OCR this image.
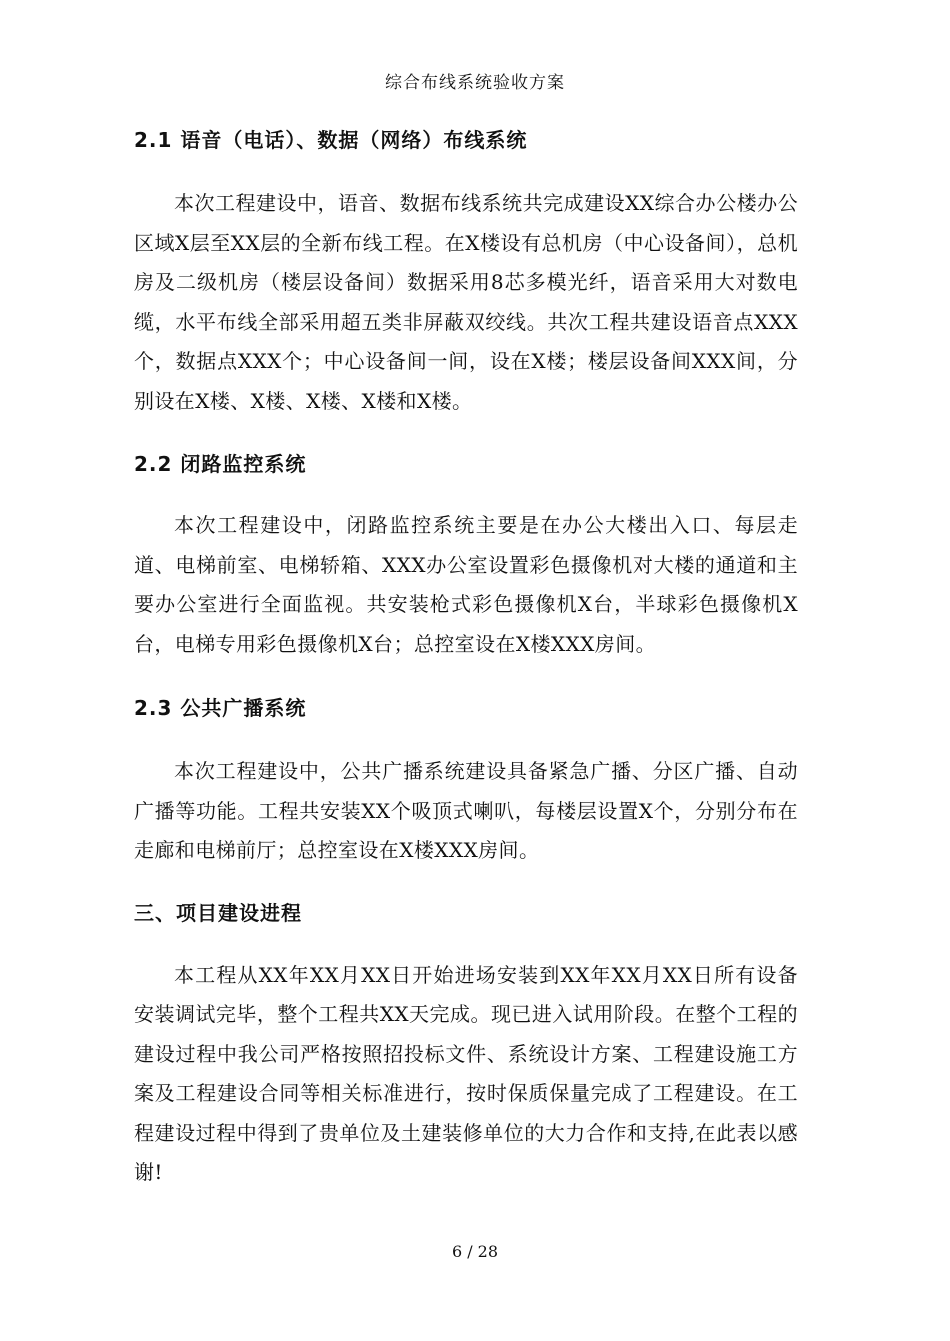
综合布线系统验收方案
2.1 语音（电话）、数据（网络）布线系统

本次工程建设中，语音、数据布线系统共完成建设XX综合办公楼办公区域X层至XX层的全新布线工程。在X楼设有总机房（中心设备间），总机房及二级机房（楼层设备间）数据采用8芯多模光纤，语音采用大对数电缆，水平布线全部采用超五类非屏蔽双绞线。共次工程共建设语音点XXX个，数据点XXX个；中心设备间一间，设在X楼；楼层设备间XXX间，分别设在X楼、X楼、X楼、X楼和X楼。

2.2 闭路监控系统

本次工程建设中，闭路监控系统主要是在办公大楼出入口、每层走道、电梯前室、电梯轿箱、XXX办公室设置彩色摄像机对大楼的通道和主要办公室进行全面监视。共安装枪式彩色摄像机X台，半球彩色摄像机X台，电梯专用彩色摄像机X台；总控室设在X楼XXX房间。

2.3 公共广播系统

本次工程建设中，公共广播系统建设具备紧急广播、分区广播、自动广播等功能。工程共安装XX个吸顶式喇叭，每楼层设置X个，分别分布在走廊和电梯前厅；总控室设在X楼XXX房间。

三、项目建设进程

本工程从XX年XX月XX日开始进场安装到XX年XX月XX日所有设备安装调试完毕，整个工程共XX天完成。现已进入试用阶段。在整个工程的建设过程中我公司严格按照招投标文件、系统设计方案、工程建设施工方案及工程建设合同等相关标准进行，按时保质保量完成了工程建设。在工程建设过程中得到了贵单位及土建装修单位的大力合作和支持,在此表以感谢!

6 / 28
